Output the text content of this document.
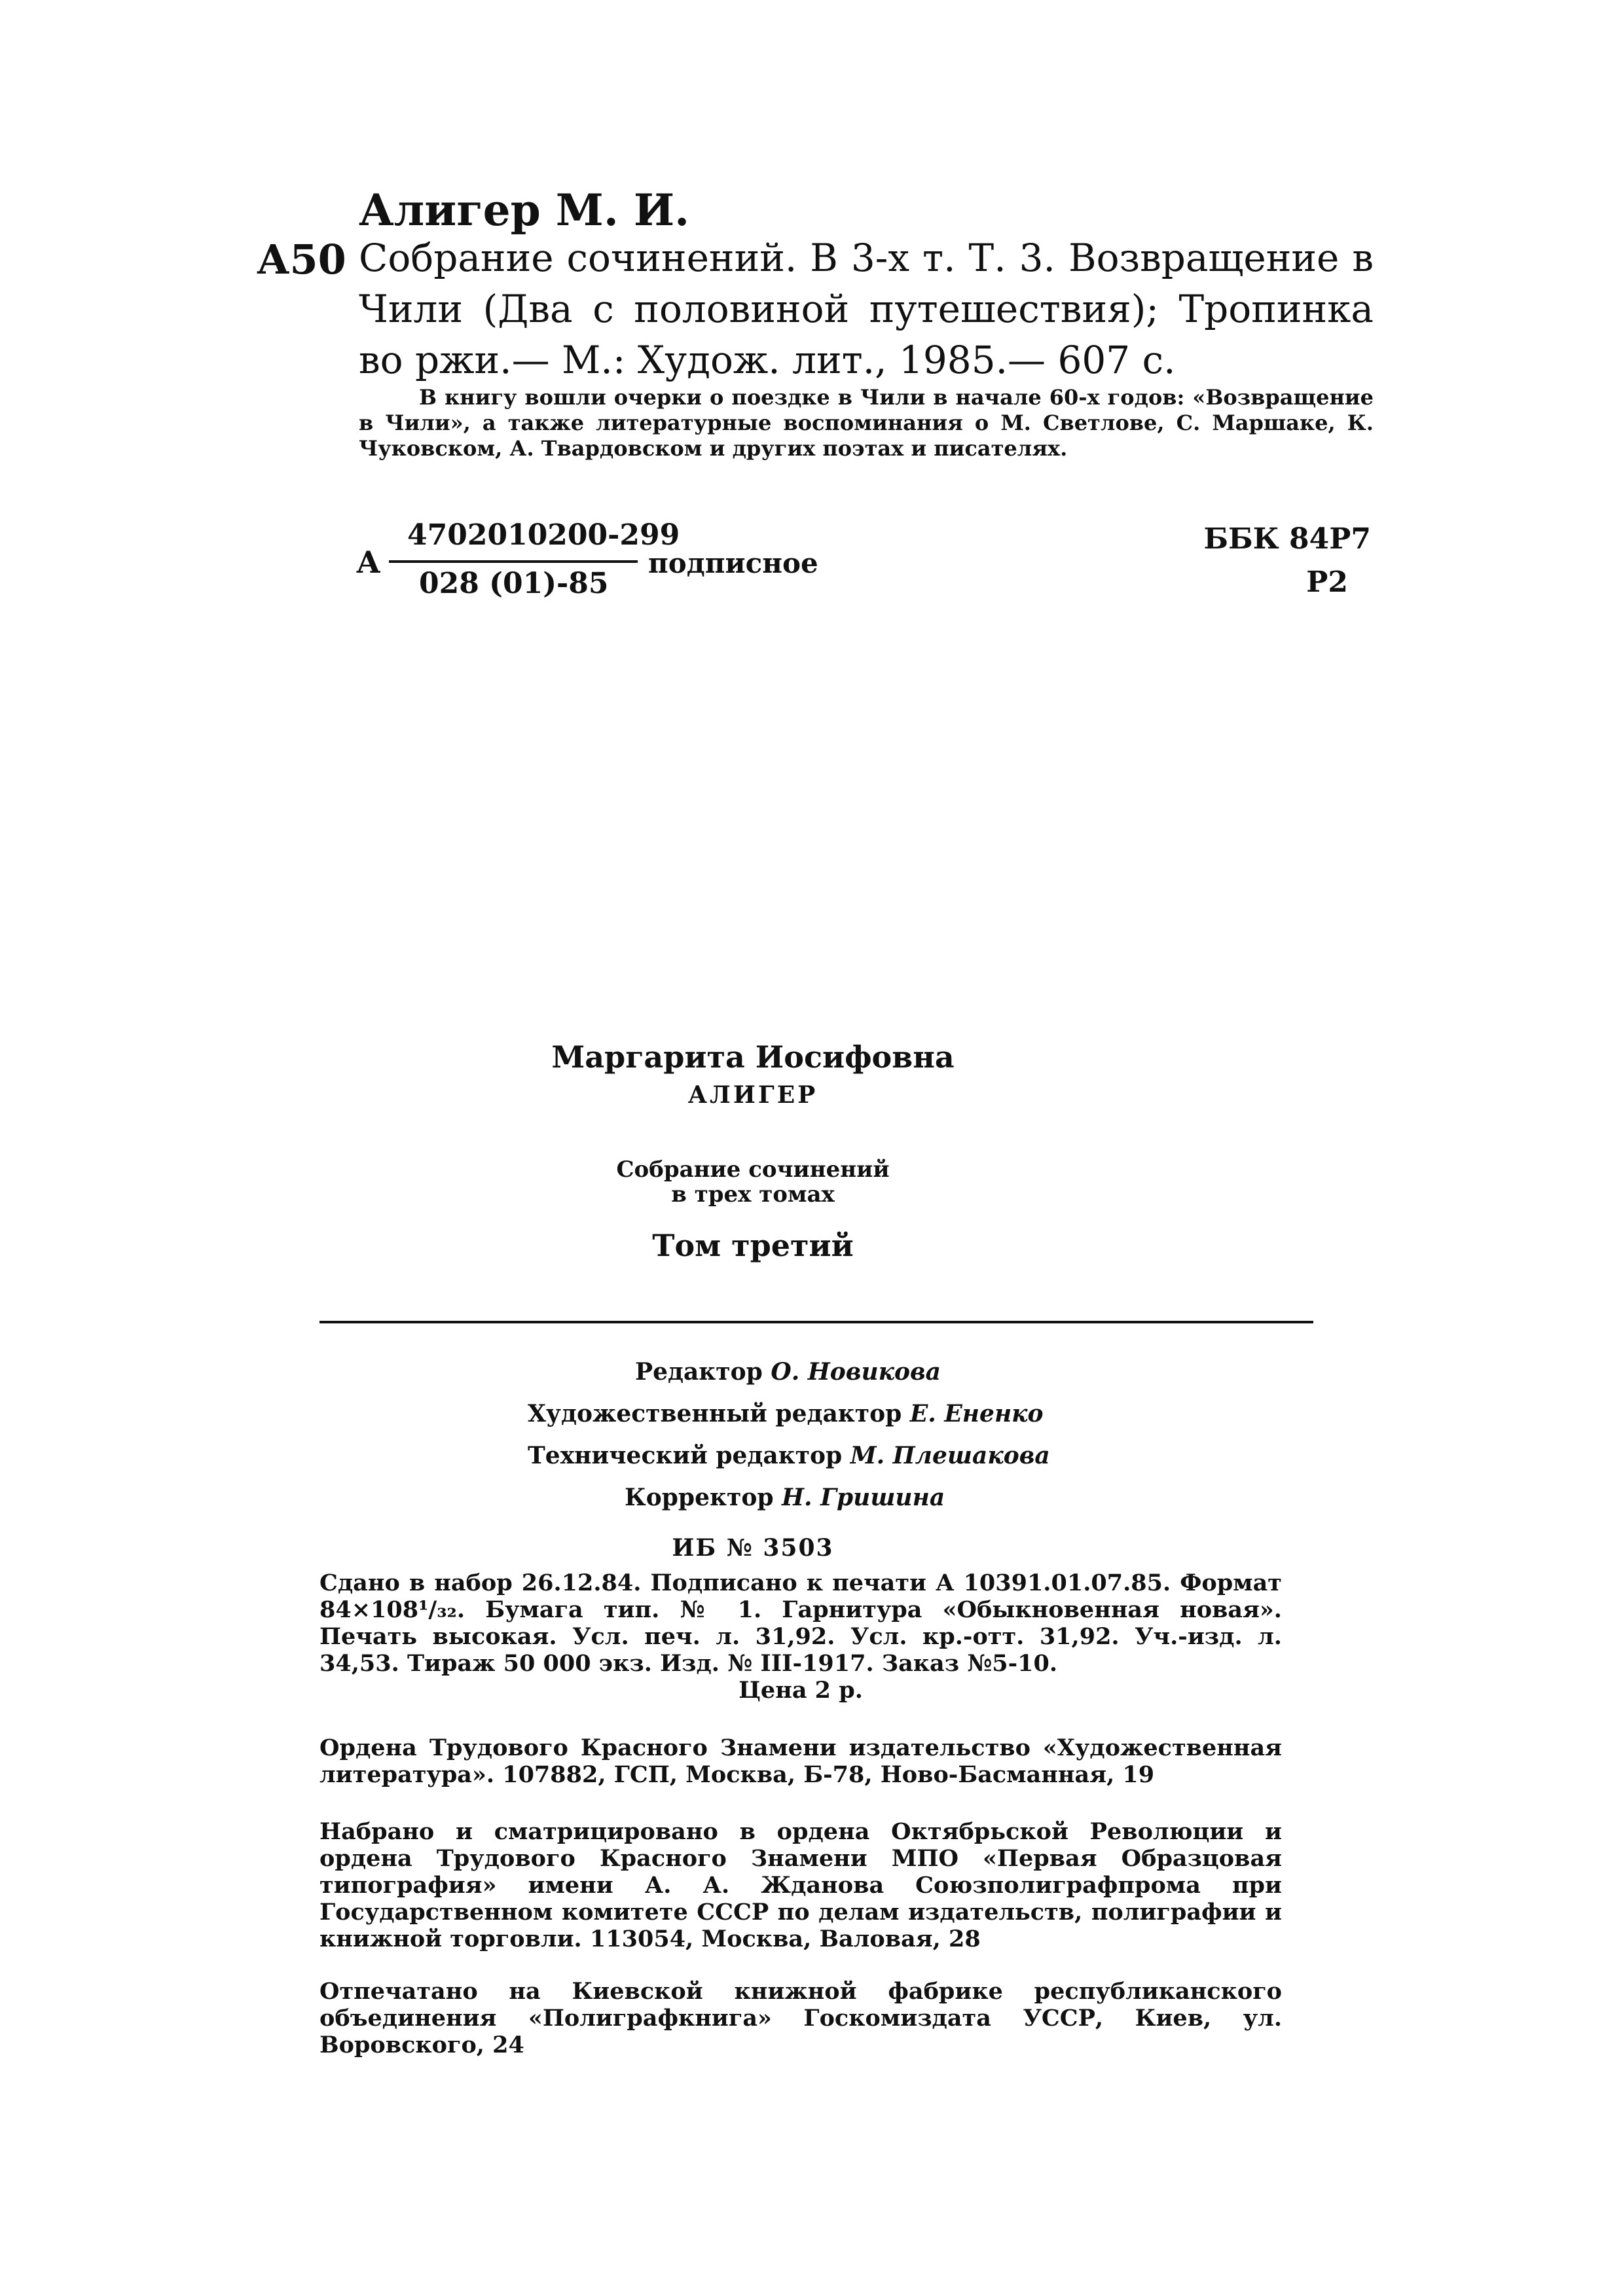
Алигер М. И.
А50 Собрание сочинений. В 3-х т. Т. 3. Возвращение в Чили (Два с половиной путешествия); Тропинка во ржи.— М.: Худож. лит., 1985.— 607 с.
В книгу вошли очерки о поездке в Чили в начале 60-х годов: «Возвращение в Чили», а также литературные воспоминания о М. Светлове, С. Маршаке, К. Чуковском, А. Твардовском и других поэтах и писателях.
А
4702010200-299
028 (01)-85
подписное
ББК 84Р7
Р2
Маргарита Иосифовна
АЛИГЕР
Собрание сочинений
в трех томах
Том третий
Редактор О. Новикова
Художественный редактор Е. Ененко
Технический редактор М. Плешакова
Корректор Н. Гришина
ИБ № 3503
Сдано в набор 26.12.84. Подписано к печати А 10391.01.07.85. Формат 84×108¹/₃₂. Бумага тип. № 1. Гарнитура «Обыкновенная новая». Печать высокая. Усл. печ. л. 31,92. Усл. кр.-отт. 31,92. Уч.-изд. л. 34,53. Тираж 50 000 экз. Изд. № III-1917. Заказ №5-10.
Цена 2 р.
Ордена Трудового Красного Знамени издательство «Художественная литература». 107882, ГСП, Москва, Б-78, Ново-Басманная, 19
Набрано и сматрицировано в ордена Октябрьской Революции и ордена Трудового Красного Знамени МПО «Первая Образцовая типография» имени А. А. Жданова Союзполиграфпрома при Государственном комитете СССР по делам издательств, полиграфии и книжной торговли. 113054, Москва, Валовая, 28
Отпечатано на Киевской книжной фабрике республиканского объединения «Полиграфкнига» Госкомиздата УССР, Киев, ул. Воровского, 24
